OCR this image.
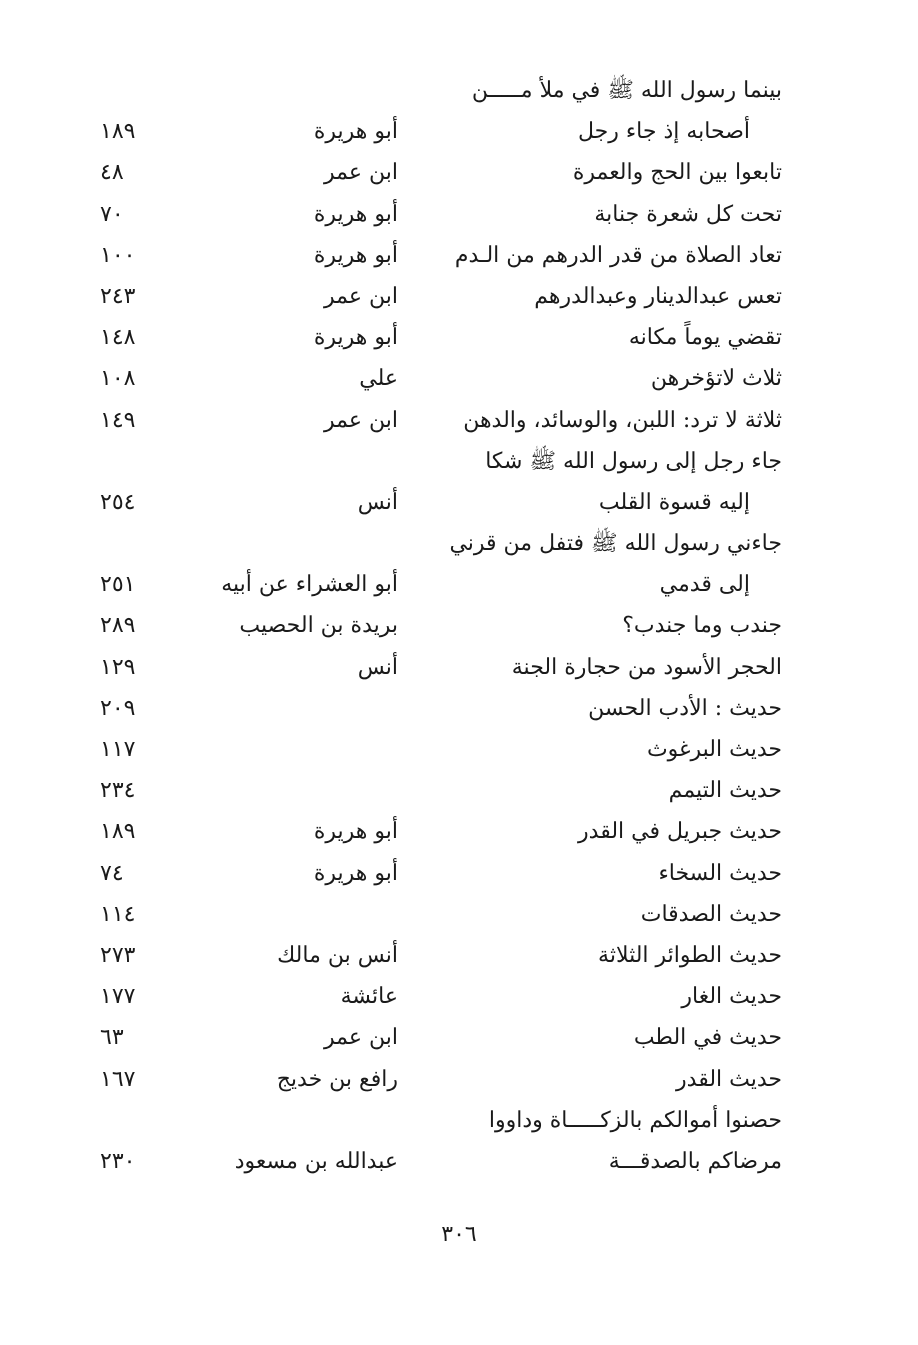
بينما رسول الله ﷺ في ملأ مـــــن
أصحابه إذ جاء رجل
أبو هريرة
١٨٩
تابعوا بين الحج والعمرة
ابن عمر
٤٨
تحت كل شعرة جنابة
أبو هريرة
٧٠
تعاد الصلاة من قدر الدرهم من الـدم
أبو هريرة
١٠٠
تعس عبدالدينار وعبدالدرهم
ابن عمر
٢٤٣
تقضي يوماً مكانه
أبو هريرة
١٤٨
ثلاث لاتؤخرهن
علي
١٠٨
ثلاثة لا ترد: اللبن، والوسائد، والدهن
ابن عمر
١٤٩
جاء رجل إلى رسول الله ﷺ شكا
إليه قسوة القلب
أنس
٢٥٤
جاءني رسول الله ﷺ فتفل من قرني
إلى قدمي
أبو العشراء عن أبيه
٢٥١
جندب وما جندب؟
بريدة بن الحصيب
٢٨٩
الحجر الأسود من حجارة الجنة
أنس
١٢٩
حديث : الأدب الحسن
٢٠٩
حديث البرغوث
١١٧
حديث التيمم
٢٣٤
حديث جبريل في القدر
أبو هريرة
١٨٩
حديث السخاء
أبو هريرة
٧٤
حديث الصدقات
١١٤
حديث الطوائر الثلاثة
أنس بن مالك
٢٧٣
حديث الغار
عائشة
١٧٧
حديث في الطب
ابن عمر
٦٣
حديث القدر
رافع بن خديج
١٦٧
حصنوا أموالكم بالزكـــــاة وداووا
مرضاكم بالصدقـــة
عبدالله بن مسعود
٢٣٠
٣٠٦
